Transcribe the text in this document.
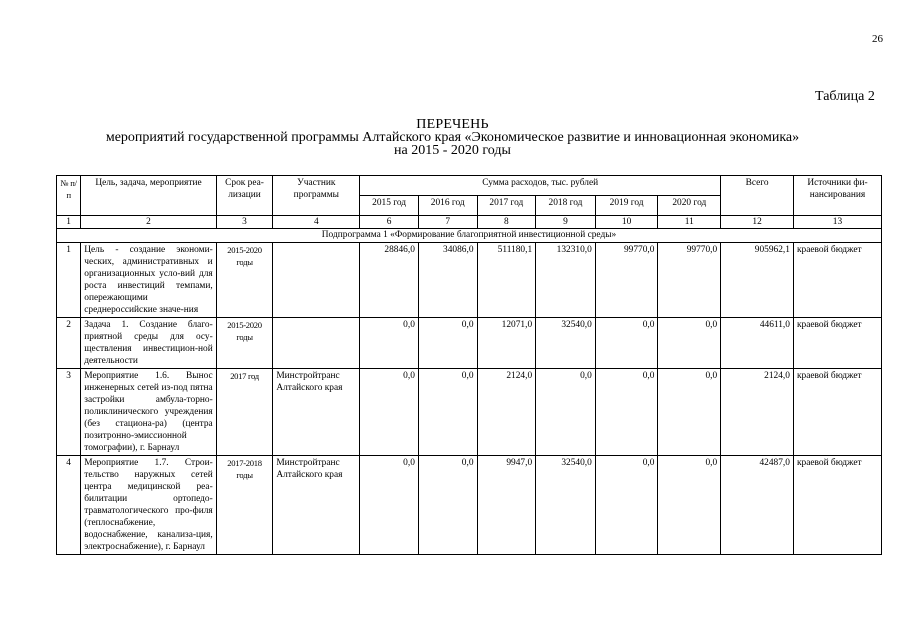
26
Таблица 2
ПЕРЕЧЕНЬ
мероприятий государственной программы Алтайского края «Экономическое развитие и инновационная экономика»
на 2015 - 2020 годы
№ п/п	Цель, задача, мероприятие	Срок реа-лизации	Участник программы	Сумма расходов, тыс. рублей						Всего	Источники фи-нансирования
				2015 год	2016 год	2017 год	2018 год	2019 год	2020 год		
1	2	3	4	6	7	8	9	10	11	12	13
Подпрограмма 1 «Формирование благоприятной инвестиционной среды»											
1	Цель - создание экономи-ческих, административных и организационных усло-вий для роста инвестиций темпами, опережающими среднероссийские значе-ния	2015-2020 годы		28846,0	34086,0	511180,1	132310,0	99770,0	99770,0	905962,1	краевой бюджет
2	Задача 1. Создание благо-приятной среды для осу-ществления инвестицион-ной деятельности	2015-2020 годы		0,0	0,0	12071,0	32540,0	0,0	0,0	44611,0	краевой бюджет
3	Мероприятие 1.6. Вынос инженерных сетей из-под пятна застройки амбула-торно-поликлинического учреждения (без стациона-ра) (центра позитронно-эмиссионной томографии), г. Барнаул	2017 год	Минстройтранс Алтайского края	0,0	0,0	2124,0	0,0	0,0	0,0	2124,0	краевой бюджет
4	Мероприятие 1.7. Строи-тельство наружных сетей центра медицинской реа-билитации ортопедо-травматологического про-филя (теплоснабжение, водоснабжение, канализа-ция, электроснабжение), г. Барнаул	2017-2018 годы	Минстройтранс Алтайского края	0,0	0,0	9947,0	32540,0	0,0	0,0	42487,0	краевой бюджет
